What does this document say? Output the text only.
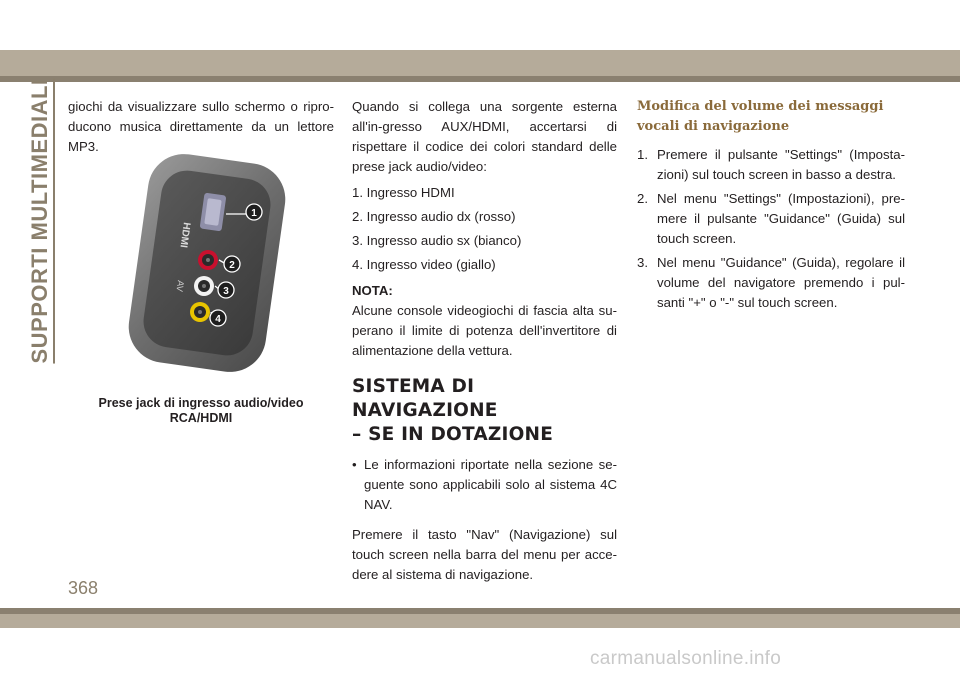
SUPPORTI MULTIMEDIALI giochi da visualizzare sullo schermo o ripro-ducono musica direttamente da un lettore MP3.

HDMI
AV
1
2
3
4
Prese jack di ingresso audio/video
RCA/HDMI

Quando si collega una sorgente esterna all'in-gresso AUX/HDMI, accertarsi di rispettare il codice dei colori standard delle prese jack audio/video:

1. Ingresso HDMI
2. Ingresso audio dx (rosso)
3. Ingresso audio sx (bianco)
4. Ingresso video (giallo)
NOTA:

Alcune console videogiochi di fascia alta su-perano il limite di potenza dell'invertitore di alimentazione della vettura.

SISTEMA DI NAVIGAZIONE
– SE IN DOTAZIONE
• Le informazioni riportate nella sezione se-guente sono applicabili solo al sistema 4C NAV.

Premere il tasto "Nav" (Navigazione) sul touch screen nella barra del menu per acce-dere al sistema di navigazione.

Modifica del volume dei messaggi vocali di navigazione
1. Premere il pulsante "Settings" (Imposta-zioni) sul touch screen in basso a destra.

2. Nel menu "Settings" (Impostazioni), pre-mere il pulsante "Guidance" (Guida) sul touch screen.

3. Nel menu "Guidance" (Guida), regolare il volume del navigatore premendo i pul-santi "+" o "-" sul touch screen.

368
carmanualsonline.info
